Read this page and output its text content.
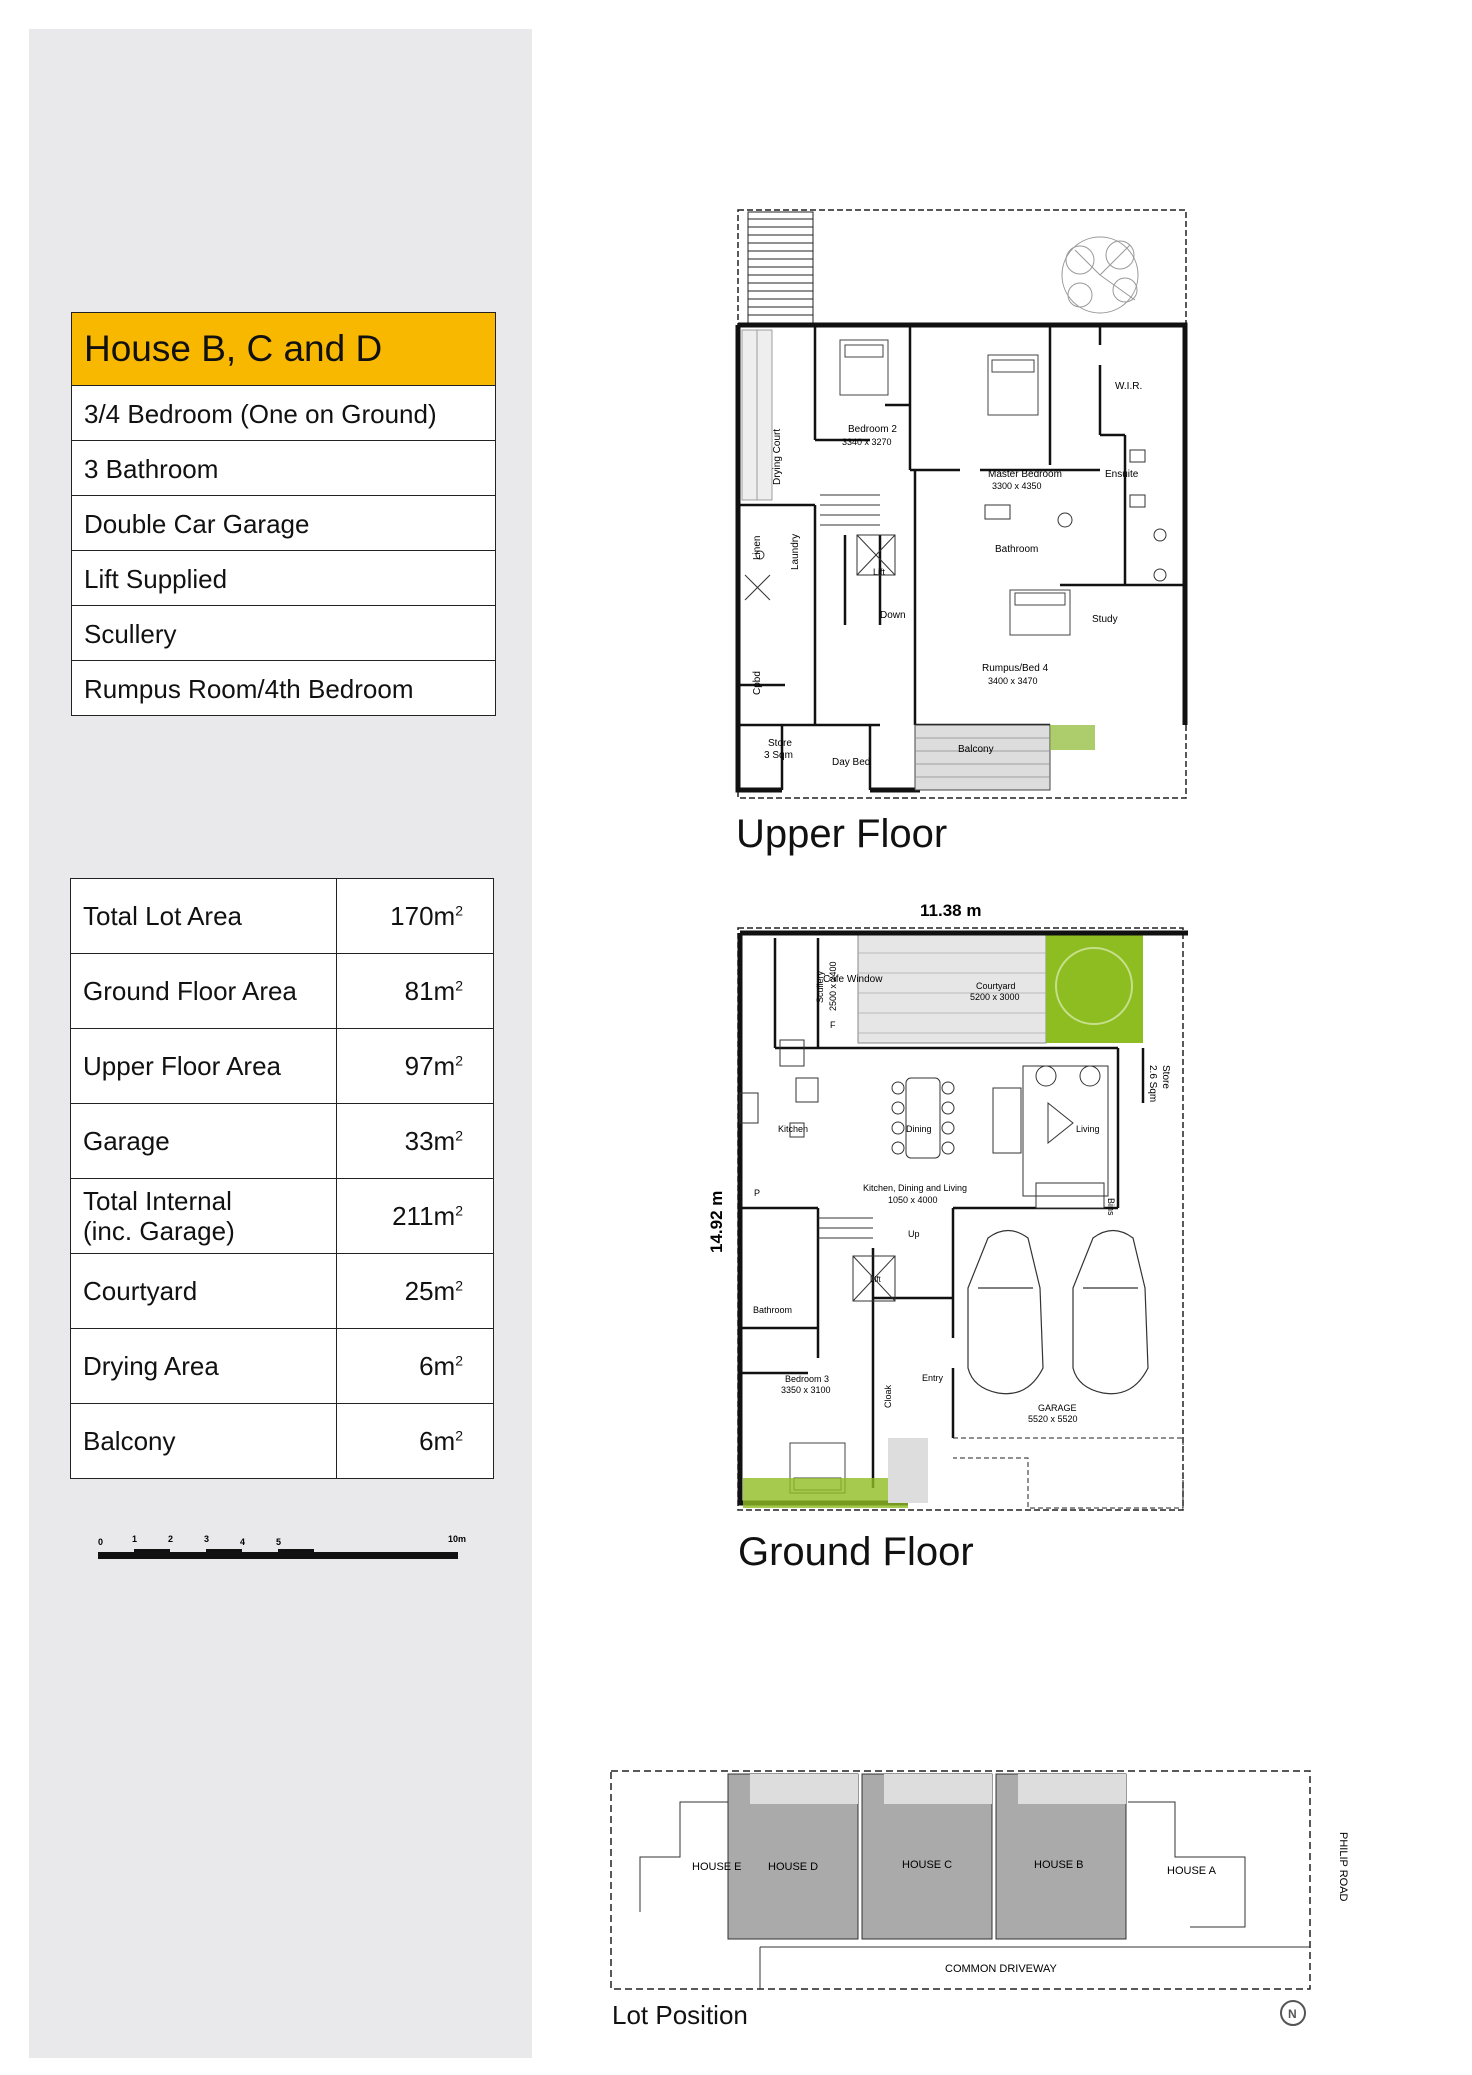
House B, C and D
3/4 Bedroom (One on Ground)
3 Bathroom
Double Car Garage
Lift Supplied
Scullery
Rumpus Room/4th Bedroom
Total Lot Area	$170m^2$
Ground Floor Area	$81m^2$
Upper Floor Area	$97m^2$
Garage	$33m^2$
Total Internal
(inc. Garage)	$211m^2$
Courtyard	$25m^2$
Drying Area	$6m^2$
Balcony	$6m^2$
0	1	2	3	4	5	10m
Drying Court	Bedroom 2
3340 x 3270
Master Bedroom
3300 x 4350
W.I.R.
Ensuite
Linen	Laundry
Lift
Bathroom
Down	Study
Rumpus/Bed 4
3400 x 3470
Cpbd
Store
3 Sqm
Day Bed
Balcony
Upper Floor
11.38 m
14.92 m
Scullery 2500 x 2400
Cafe Window
Courtyard
5200 x 3000
F
Store
2.6 Sqm
Kitchen	Dining	Living
Kitchen, Dining and Living
1050 x 4000
P
Bins
Up
Lift
Bathroom
Bedroom 3
3350 x 3100	Cloak
Entry
GARAGE
5520 x 5520
Ground Floor
HOUSE E HOUSE D	HOUSE C	HOUSE B	HOUSE A
COMMON DRIVEWAY
PHILIP ROAD
N
Lot Position
